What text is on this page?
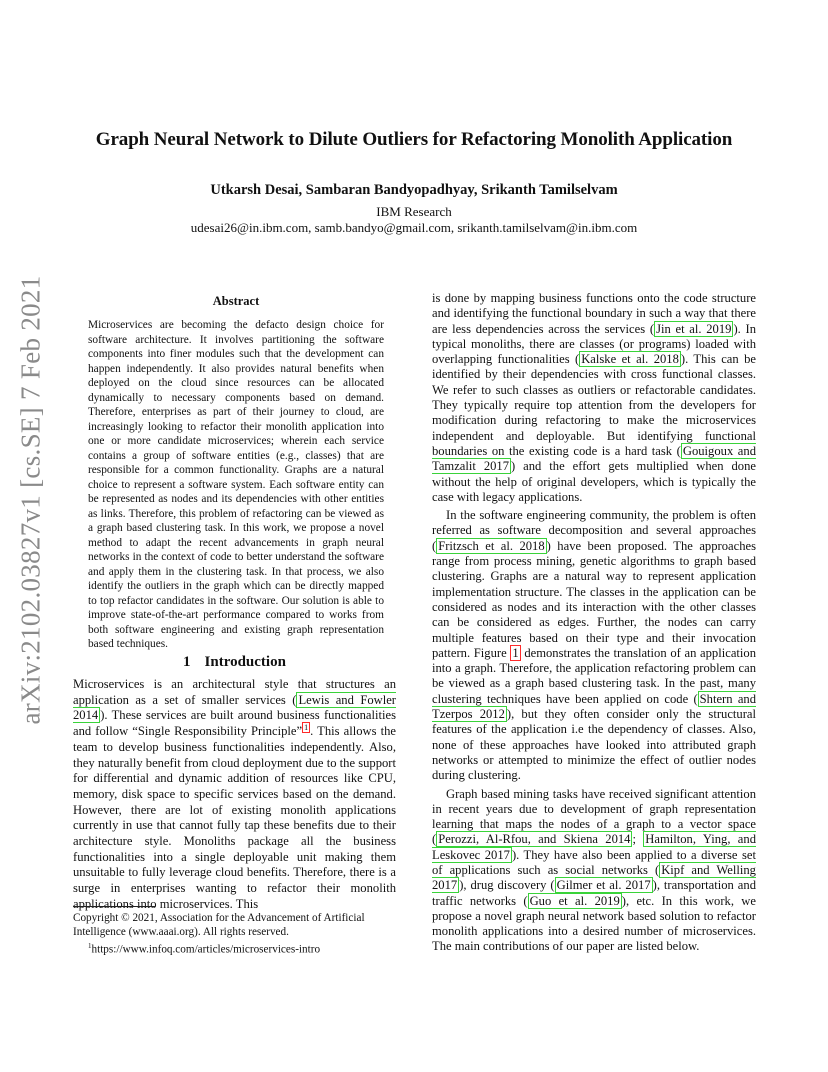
Graph Neural Network to Dilute Outliers for Refactoring Monolith Application
Utkarsh Desai, Sambaran Bandyopadhyay, Srikanth Tamilselvam
IBM Research
udesai26@in.ibm.com, samb.bandyo@gmail.com, srikanth.tamilselvam@in.ibm.com
arXiv:2102.03827v1 [cs.SE] 7 Feb 2021	Abstract
Microservices are becoming the defacto design choice for software architecture. It involves partitioning the software components into finer modules such that the development can happen independently. It also provides natural benefits when deployed on the cloud since resources can be allocated dynamically to necessary components based on demand. Therefore, enterprises as part of their journey to cloud, are increasingly looking to refactor their monolith application into one or more candidate microservices; wherein each service contains a group of software entities (e.g., classes) that are responsible for a common functionality. Graphs are a natural choice to represent a software system. Each software entity can be represented as nodes and its dependencies with other entities as links. Therefore, this problem of refactoring can be viewed as a graph based clustering task. In this work, we propose a novel method to adapt the recent advancements in graph neural networks in the context of code to better understand the software and apply them in the clustering task. In that process, we also identify the outliers in the graph which can be directly mapped to top refactor candidates in the software. Our solution is able to improve state-of-the-art performance compared to works from both software engineering and existing graph representation based techniques.
1 Introduction

Microservices is an architectural style that structures an application as a set of smaller services ( Lewis and Fowler 2014 ). These services are built around business functionalities and follow “Single Responsibility Principle” $^1$ . This allows the team to develop business functionalities independently. Also, they naturally benefit from cloud deployment due to the support for differential and dynamic addition of resources like CPU, memory, disk space to specific services based on the demand. However, there are lot of existing monolith applications currently in use that cannot fully tap these benefits due to their architecture style. Monoliths package all the business functionalities into a single deployable unit making them unsuitable to fully leverage cloud benefits. Therefore, there is a surge in enterprises wanting to refactor their monolith applications into microservices. This

Copyright © 2021, Association for the Advancement of Artificial Intelligence (www.aaai.org). All rights reserved.
$^1$https://www.infoq.com/articles/microservices-intro

is done by mapping business functions onto the code structure and identifying the functional boundary in such a way that there are less dependencies across the services ( Jin et al. 2019 ). In typical monoliths, there are classes (or programs) loaded with overlapping functionalities ( Kalske et al. 2018 ). This can be identified by their dependencies with cross functional classes. We refer to such classes as outliers or refactorable candidates. They typically require top attention from the developers for modification during refactoring to make the microservices independent and deployable. But identifying functional boundaries on the existing code is a hard task ( Gouigoux and Tamzalit 2017 ) and the effort gets multiplied when done without the help of original developers, which is typically the case with legacy applications.

In the software engineering community, the problem is often referred as software decomposition and several approaches ( Fritzsch et al. 2018 ) have been proposed. The approaches range from process mining, genetic algorithms to graph based clustering. Graphs are a natural way to represent application implementation structure. The classes in the application can be considered as nodes and its interaction with the other classes can be considered as edges. Further, the nodes can carry multiple features based on their type and their invocation pattern. Figure 1 demonstrates the translation of an application into a graph. Therefore, the application refactoring problem can be viewed as a graph based clustering task. In the past, many clustering techniques have been applied on code ( Shtern and Tzerpos 2012 ), but they often consider only the structural features of the application i.e the dependency of classes. Also, none of these approaches have looked into attributed graph networks or attempted to minimize the effect of outlier nodes during clustering.

Graph based mining tasks have received significant attention in recent years due to development of graph representation learning that maps the nodes of a graph to a vector space ( Perozzi, Al-Rfou, and Skiena 2014 ; Hamilton, Ying, and Leskovec 2017 ). They have also been applied to a diverse set of applications such as social networks ( Kipf and Welling 2017 ), drug discovery ( Gilmer et al. 2017 ), transportation and traffic networks ( Guo et al. 2019 ), etc. In this work, we propose a novel graph neural network based solution to refactor monolith applications into a desired number of microservices. The main contributions of our paper are listed below.
